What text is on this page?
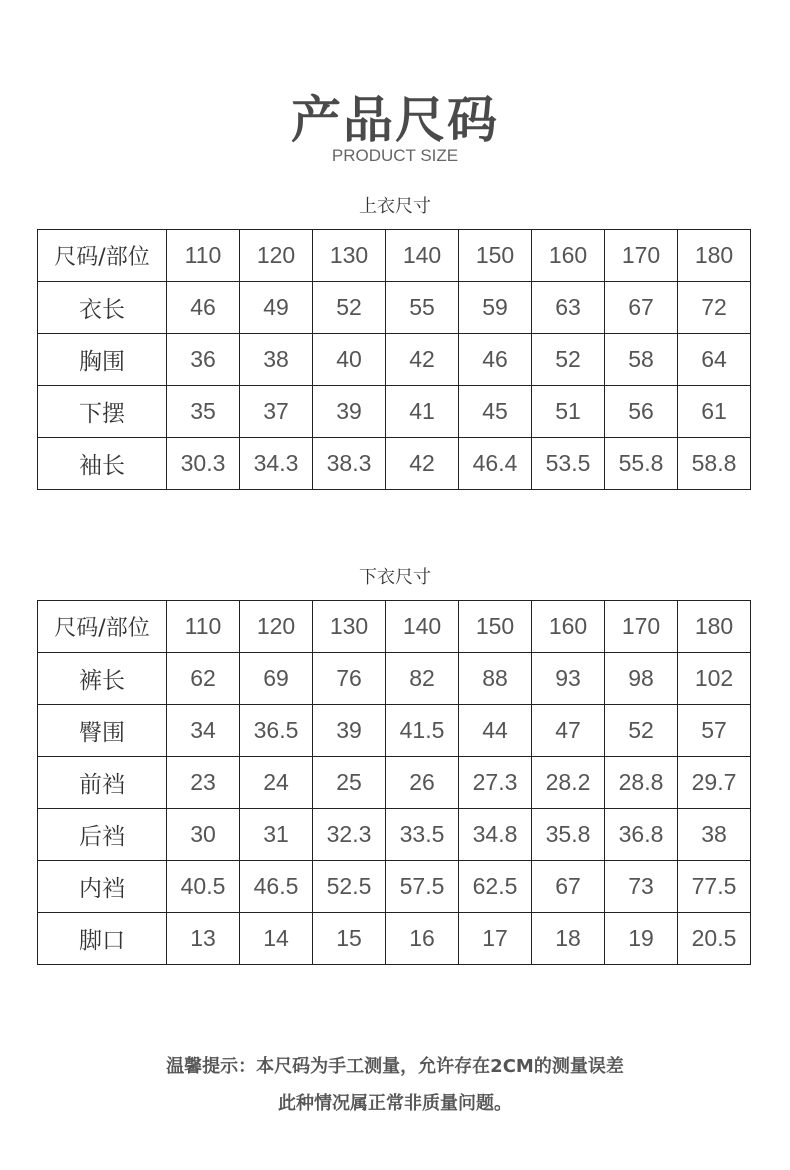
产品尺码
PRODUCT SIZE
上衣尺寸
尺码/部位	110	120	130	140	150	160	170	180
衣长	46	49	52	55	59	63	67	72
胸围	36	38	40	42	46	52	58	64
下摆	35	37	39	41	45	51	56	61
袖长	30.3	34.3	38.3	42	46.4	53.5	55.8	58.8
下衣尺寸
尺码/部位	110	120	130	140	150	160	170	180
裤长	62	69	76	82	88	93	98	102
臀围	34	36.5	39	41.5	44	47	52	57
前裆	23	24	25	26	27.3	28.2	28.8	29.7
后裆	30	31	32.3	33.5	34.8	35.8	36.8	38
内裆	40.5	46.5	52.5	57.5	62.5	67	73	77.5
脚口	13	14	15	16	17	18	19	20.5
温馨提示：本尺码为手工测量，允许存在2CM的测量误差
此种情况属正常非质量问题。
